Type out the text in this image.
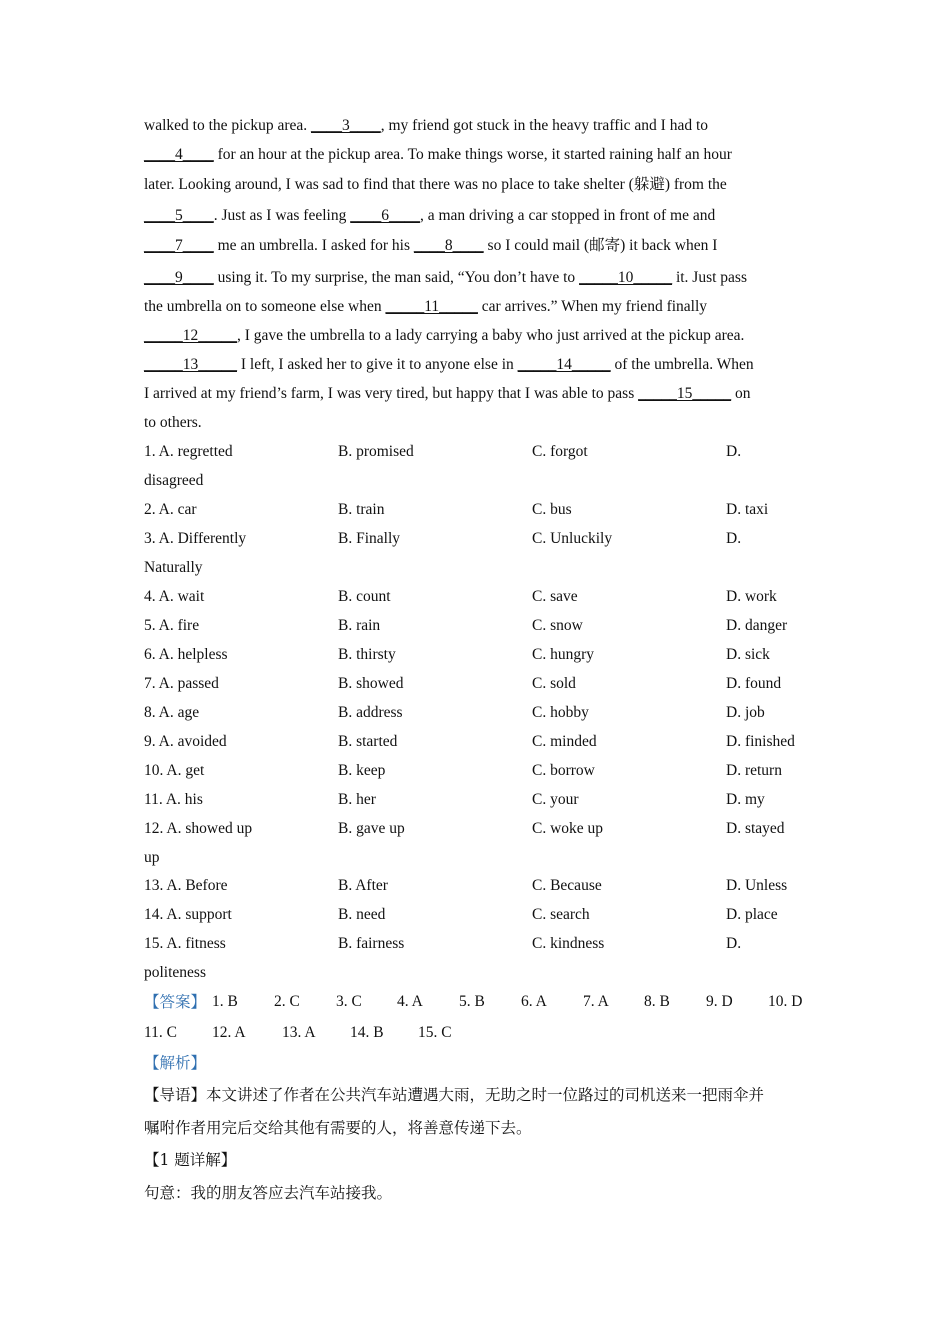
walked to the pickup area. ____3____, my friend got stuck in the heavy traffic and I had to
____4____ for an hour at the pickup area. To make things worse, it started raining half an hour
later. Looking around, I was sad to find that there was no place to take shelter (躲避) from the
____5____. Just as I was feeling ____6____, a man driving a car stopped in front of me and
____7____ me an umbrella. I asked for his ____8____ so I could mail (邮寄) it back when I
____9____ using it. To my surprise, the man said, “You don’t have to _____10_____ it. Just pass
the umbrella on to someone else when _____11_____ car arrives.” When my friend finally
_____12_____, I gave the umbrella to a lady carrying a baby who just arrived at the pickup area.
_____13_____ I left, I asked her to give it to anyone else in _____14_____ of the umbrella. When
I arrived at my friend’s farm, I was very tired, but happy that I was able to pass _____15_____ on
to others.
1. A. regretted	B. promised	C. forgot	D.
disagreed
2. A. car	B. train	C. bus	D. taxi
3. A. Differently	B. Finally	C. Unluckily	D.
Naturally
4. A. wait	B. count	C. save	D. work
5. A. fire	B. rain	C. snow	D. danger
6. A. helpless	B. thirsty	C. hungry	D. sick
7. A. passed	B. showed	C. sold	D. found
8. A. age	B. address	C. hobby	D. job
9. A. avoided	B. started	C. minded	D. finished
10. A. get	B. keep	C. borrow	D. return
11. A. his	B. her	C. your	D. my
12. A. showed up	B. gave up	C. woke up	D. stayed
up
13. A. Before	B. After	C. Because	D. Unless
14. A. support	B. need	C. search	D. place
15. A. fitness	B. fairness	C. kindness	D.
politeness
【答案】 1. B 2. C 3. C 4. A 5. B 6. A 7. A 8. B 9. D 10. D
11. C 12. A 13. A 14. B 15. C
【解析】
【导语】本文讲述了作者在公共汽车站遭遇大雨，无助之时一位路过的司机送来一把雨伞并
嘱咐作者用完后交给其他有需要的人，将善意传递下去。
【1 题详解】
句意：我的朋友答应去汽车站接我。
